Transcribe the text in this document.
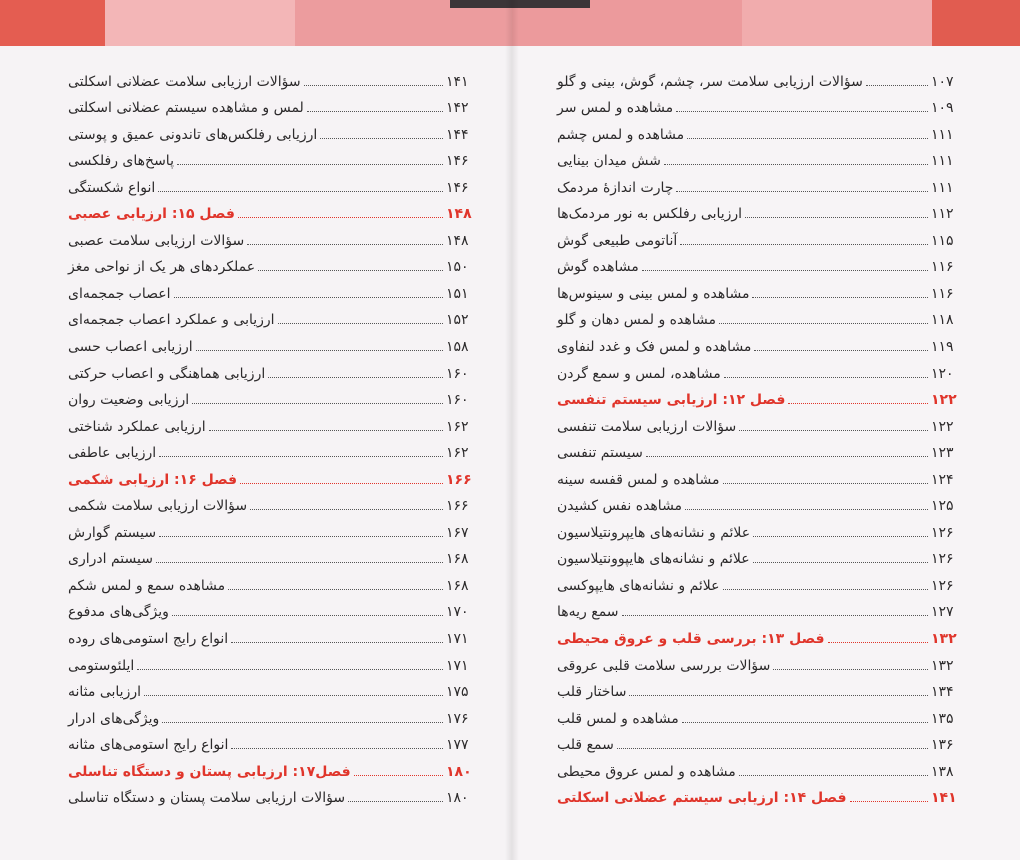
سؤالات ارزیابی سلامت عضلانی اسکلتی	۱۴۱
لمس و مشاهده سیستم عضلانی اسکلتی	۱۴۲
ارزیابی رفلکس‌های تاندونی عمیق و پوستی	۱۴۴
پاسخ‌های رفلکسی	۱۴۶
انواع شکستگی	۱۴۶
فصل ۱۵: ارزیابی عصبی	۱۴۸
سؤالات ارزیابی سلامت عصبی	۱۴۸
عملکردهای هر یک از نواحی مغز	۱۵۰
اعصاب جمجمه‌ای	۱۵۱
ارزیابی و عملکرد اعصاب جمجمه‌ای	۱۵۲
ارزیابی اعصاب حسی	۱۵۸
ارزیابی هماهنگی و اعصاب حرکتی	۱۶۰
ارزیابی وضعیت روان	۱۶۰
ارزیابی عملکرد شناختی	۱۶۲
ارزیابی عاطفی	۱۶۲
فصل ۱۶: ارزیابی شکمی	۱۶۶
سؤالات ارزیابی سلامت شکمی	۱۶۶
سیستم گوارش	۱۶۷
سیستم ادراری	۱۶۸
مشاهده سمع و لمس شکم	۱۶۸
ویژگی‌های مدفوع	۱۷۰
انواع رایج استومی‌های روده	۱۷۱
ایلئوستومی	۱۷۱
ارزیابی مثانه	۱۷۵
ویژگی‌های ادرار	۱۷۶
انواع رایج استومی‌های مثانه	۱۷۷
فصل۱۷: ارزیابی پستان و دستگاه تناسلی	۱۸۰
سؤالات ارزیابی سلامت پستان و دستگاه تناسلی	۱۸۰
سؤالات ارزیابی سلامت سر، چشم، گوش، بینی و گلو	۱۰۷
مشاهده و لمس سر	۱۰۹
مشاهده و لمس چشم	۱۱۱
شش میدان بینایی	۱۱۱
چارت اندازهٔ مردمک	۱۱۱
ارزیابی رفلکس به نور مردمک‌ها	۱۱۲
آناتومی طبیعی گوش	۱۱۵
مشاهده گوش	۱۱۶
مشاهده و لمس بینی و سینوس‌ها	۱۱۶
مشاهده و لمس دهان و گلو	۱۱۸
مشاهده و لمس فک و غدد لنفاوی	۱۱۹
مشاهده، لمس و سمع گردن	۱۲۰
فصل ۱۲: ارزیابی سیستم تنفسی	۱۲۲
سؤالات ارزیابی سلامت تنفسی	۱۲۲
سیستم تنفسی	۱۲۳
مشاهده و لمس قفسه سینه	۱۲۴
مشاهده نفس کشیدن	۱۲۵
علائم و نشانه‌های هایپرونتیلاسیون	۱۲۶
علائم و نشانه‌های هایپوونتیلاسیون	۱۲۶
علائم و نشانه‌های هایپوکسی	۱۲۶
سمع ریه‌ها	۱۲۷
فصل ۱۳: بررسی قلب و عروق محیطی	۱۳۲
سؤالات بررسی سلامت قلبی عروقی	۱۳۲
ساختار قلب	۱۳۴
مشاهده و لمس قلب	۱۳۵
سمع قلب	۱۳۶
مشاهده و لمس عروق محیطی	۱۳۸
فصل ۱۴: ارزیابی سیستم عضلانی اسکلتی	۱۴۱
